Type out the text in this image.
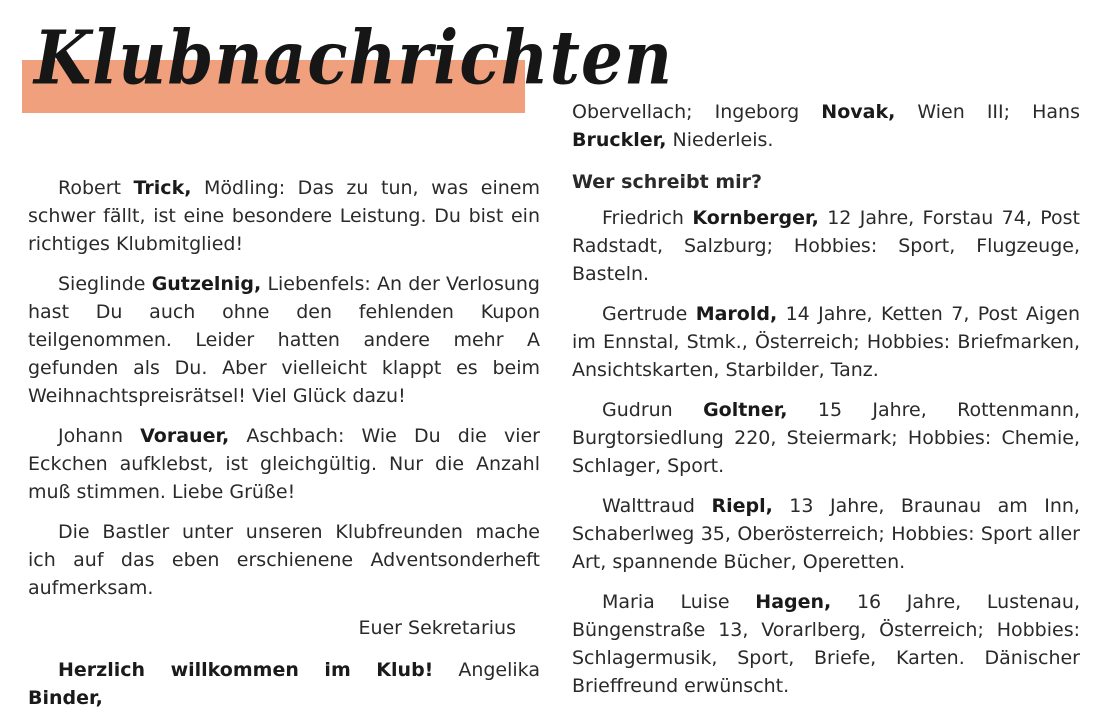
Klubnachrichten

Robert Trick, Mödling: Das zu tun, was einem schwer fällt, ist eine besondere Leistung. Du bist ein richtiges Klubmitglied!

Sieglinde Gutzelnig, Liebenfels: An der Verlosung hast Du auch ohne den fehlenden Kupon teilgenommen. Leider hatten andere mehr A gefunden als Du. Aber vielleicht klappt es beim Weihnachtspreisrätsel! Viel Glück dazu!

Johann Vorauer, Aschbach: Wie Du die vier Eckchen aufklebst, ist gleichgültig. Nur die Anzahl muß stimmen. Liebe Grüße!

Die Bastler unter unseren Klubfreunden mache ich auf das eben erschienene Adventsonderheft aufmerksam.

Euer Sekretarius

Herzlich willkommen im Klub! Angelika Binder,

Obervellach; Ingeborg Novak, Wien III; Hans Bruckler, Niederleis.

Wer schreibt mir?

Friedrich Kornberger, 12 Jahre, Forstau 74, Post Radstadt, Salzburg; Hobbies: Sport, Flugzeuge, Basteln.

Gertrude Marold, 14 Jahre, Ketten 7, Post Aigen im Ennstal, Stmk., Österreich; Hobbies: Briefmarken, Ansichtskarten, Starbilder, Tanz.

Gudrun Goltner, 15 Jahre, Rottenmann, Burgtorsiedlung 220, Steiermark; Hobbies: Chemie, Schlager, Sport.

Walttraud Riepl, 13 Jahre, Braunau am Inn, Schaberlweg 35, Oberösterreich; Hobbies: Sport aller Art, spannende Bücher, Operetten.

Maria Luise Hagen, 16 Jahre, Lustenau, Büngenstraße 13, Vorarlberg, Österreich; Hobbies: Schlagermusik, Sport, Briefe, Karten. Dänischer Brieffreund erwünscht.
